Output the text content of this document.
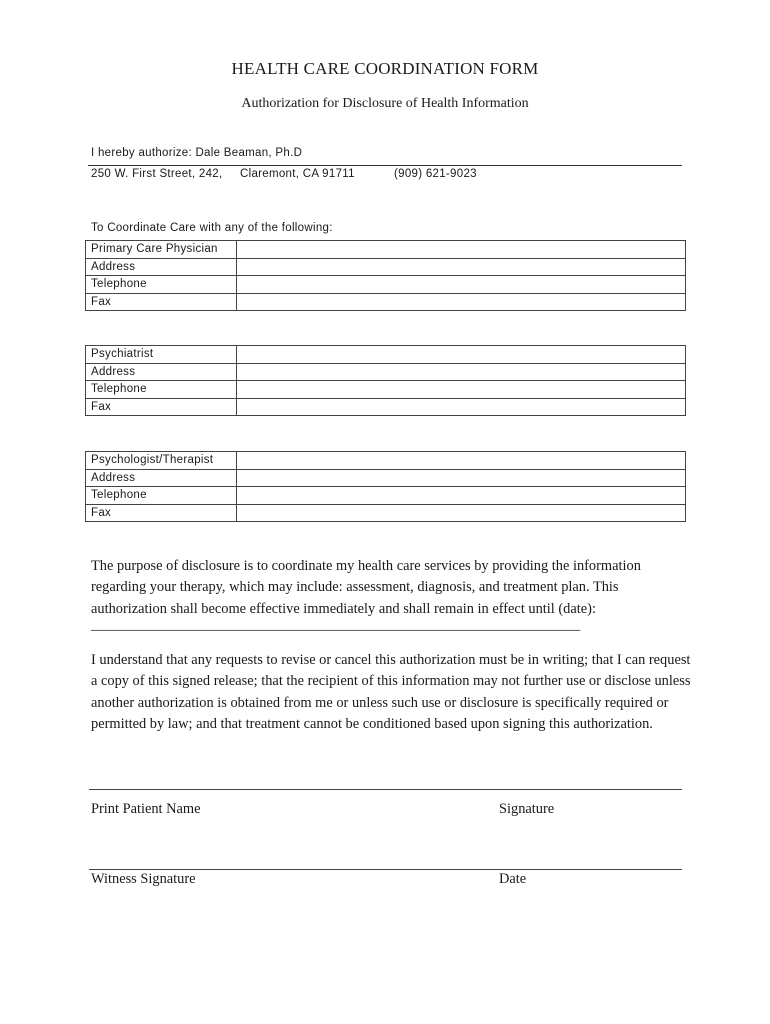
HEALTH CARE COORDINATION FORM
Authorization for Disclosure of Health Information
I hereby authorize: Dale Beaman, Ph.D
250 W. First Street, 242, Claremont, CA 91711	(909) 621-9023
To Coordinate Care with any of the following:
Primary Care Physician	
Address	
Telephone	
Fax	
Psychiatrist	
Address	
Telephone	
Fax	
Psychologist/Therapist	
Address	
Telephone	
Fax	
The purpose of disclosure is to coordinate my health care services by providing the information regarding your therapy, which may include: assessment, diagnosis, and treatment plan. This authorization shall become effective immediately and shall remain in effect until (date):
——————————————————————————————————
I understand that any requests to revise or cancel this authorization must be in writing; that I can request a copy of this signed release; that the recipient of this information may not further use or disclose unless another authorization is obtained from me or unless such use or disclosure is specifically required or permitted by law; and that treatment cannot be conditioned based upon signing this authorization.
Print Patient Name	Signature
Witness Signature	Date
